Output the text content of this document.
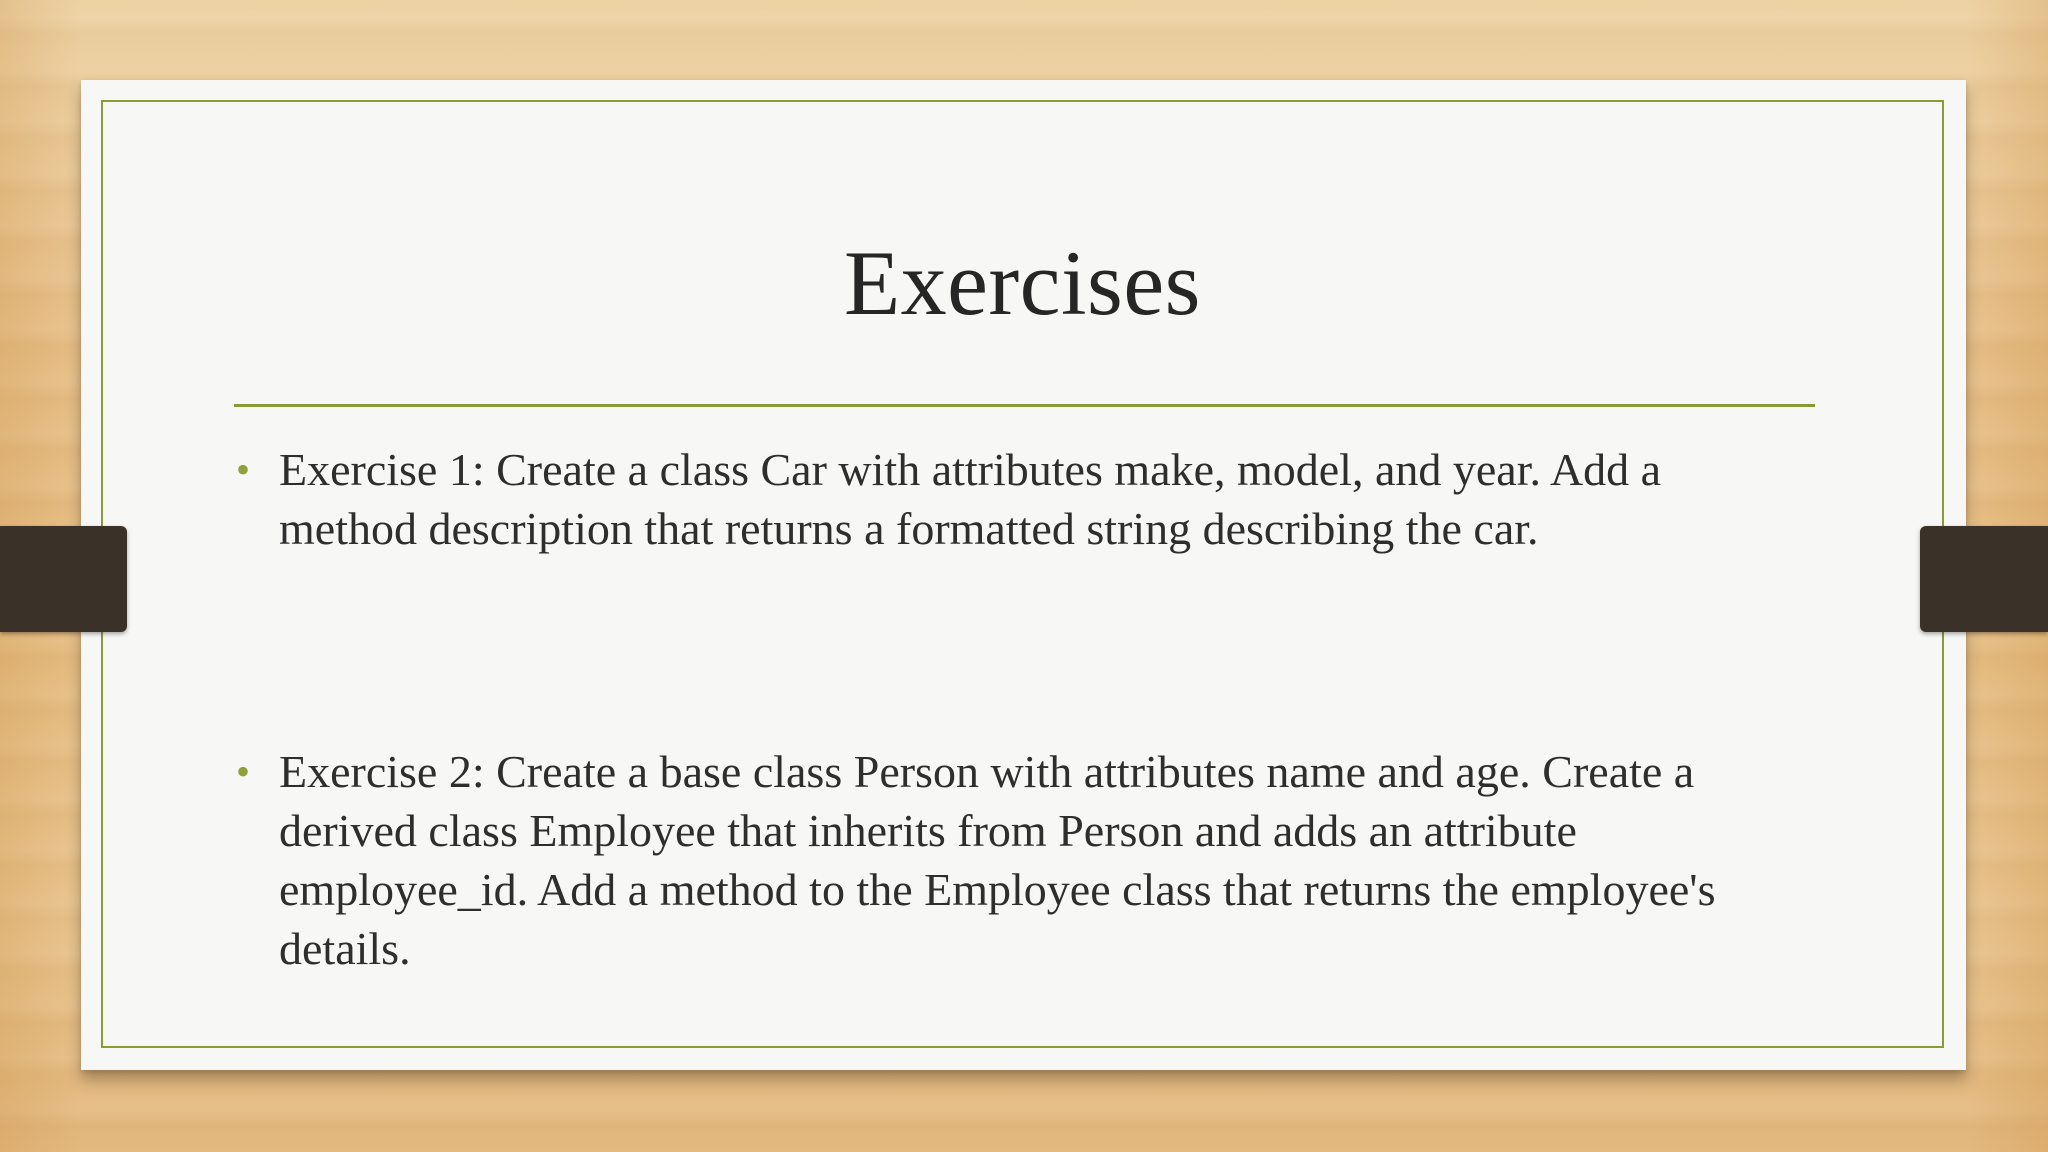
Exercises
• Exercise 1: Create a class Car with attributes make, model, and year. Add a method description that returns a formatted string describing the car.
• Exercise 2: Create a base class Person with attributes name and age. Create a derived class Employee that inherits from Person and adds an attribute employee_id. Add a method to the Employee class that returns the employee's details.
